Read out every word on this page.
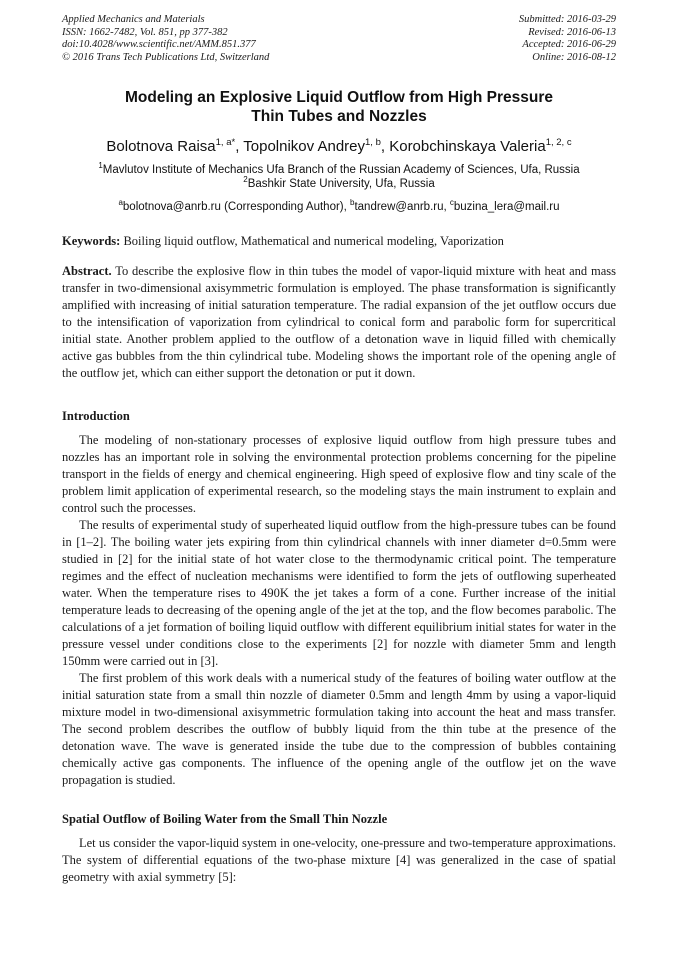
Applied Mechanics and Materials
ISSN: 1662-7482, Vol. 851, pp 377-382
doi:10.4028/www.scientific.net/AMM.851.377
© 2016 Trans Tech Publications Ltd, Switzerland
Submitted: 2016-03-29
Revised: 2016-06-13
Accepted: 2016-06-29
Online: 2016-08-12
Modeling an Explosive Liquid Outflow from High Pressure
Thin Tubes and Nozzles
Bolotnova Raisa$^{1, a*}$, Topolnikov Andrey$^{1, b}$, Korobchinskaya Valeria$^{1, 2, c}$
$^1$Mavlutov Institute of Mechanics Ufa Branch of the Russian Academy of Sciences, Ufa, Russia
$^2$Bashkir State University, Ufa, Russia
$^a$bolotnova@anrb.ru (Corresponding Author), $^b$tandrew@anrb.ru, $^c$buzina_lera@mail.ru
Keywords: Boiling liquid outflow, Mathematical and numerical modeling, Vaporization
Abstract. To describe the explosive flow in thin tubes the model of vapor-liquid mixture with heat and mass transfer in two-dimensional axisymmetric formulation is employed. The phase transformation is significantly amplified with increasing of initial saturation temperature. The radial expansion of the jet outflow occurs due to the intensification of vaporization from cylindrical to conical form and parabolic form for supercritical initial state. Another problem applied to the outflow of a detonation wave in liquid filled with chemically active gas bubbles from the thin cylindrical tube. Modeling shows the important role of the opening angle of the outflow jet, which can either support the detonation or put it down.
Introduction

The modeling of non-stationary processes of explosive liquid outflow from high pressure tubes and nozzles has an important role in solving the environmental protection problems concerning for the pipeline transport in the fields of energy and chemical engineering. High speed of explosive flow and tiny scale of the problem limit application of experimental research, so the modeling stays the main instrument to explain and control such the processes.

The results of experimental study of superheated liquid outflow from the high-pressure tubes can be found in [1–2]. The boiling water jets expiring from thin cylindrical channels with inner diameter d=0.5mm were studied in [2] for the initial state of hot water close to the thermodynamic critical point. The temperature regimes and the effect of nucleation mechanisms were identified to form the jets of outflowing superheated water. When the temperature rises to 490K the jet takes a form of a cone. Further increase of the initial temperature leads to decreasing of the opening angle of the jet at the top, and the flow becomes parabolic. The calculations of a jet formation of boiling liquid outflow with different equilibrium initial states for water in the pressure vessel under conditions close to the experiments [2] for nozzle with diameter 5mm and length 150mm were carried out in [3].

The first problem of this work deals with a numerical study of the features of boiling water outflow at the initial saturation state from a small thin nozzle of diameter 0.5mm and length 4mm by using a vapor-liquid mixture model in two-dimensional axisymmetric formulation taking into account the heat and mass transfer. The second problem describes the outflow of bubbly liquid from the thin tube at the presence of the detonation wave. The wave is generated inside the tube due to the compression of bubbles containing chemically active gas components. The influence of the opening angle of the outflow jet on the wave propagation is studied.

Spatial Outflow of Boiling Water from the Small Thin Nozzle

Let us consider the vapor-liquid system in one-velocity, one-pressure and two-temperature approximations. The system of differential equations of the two-phase mixture [4] was generalized in the case of spatial geometry with axial symmetry [5]:
